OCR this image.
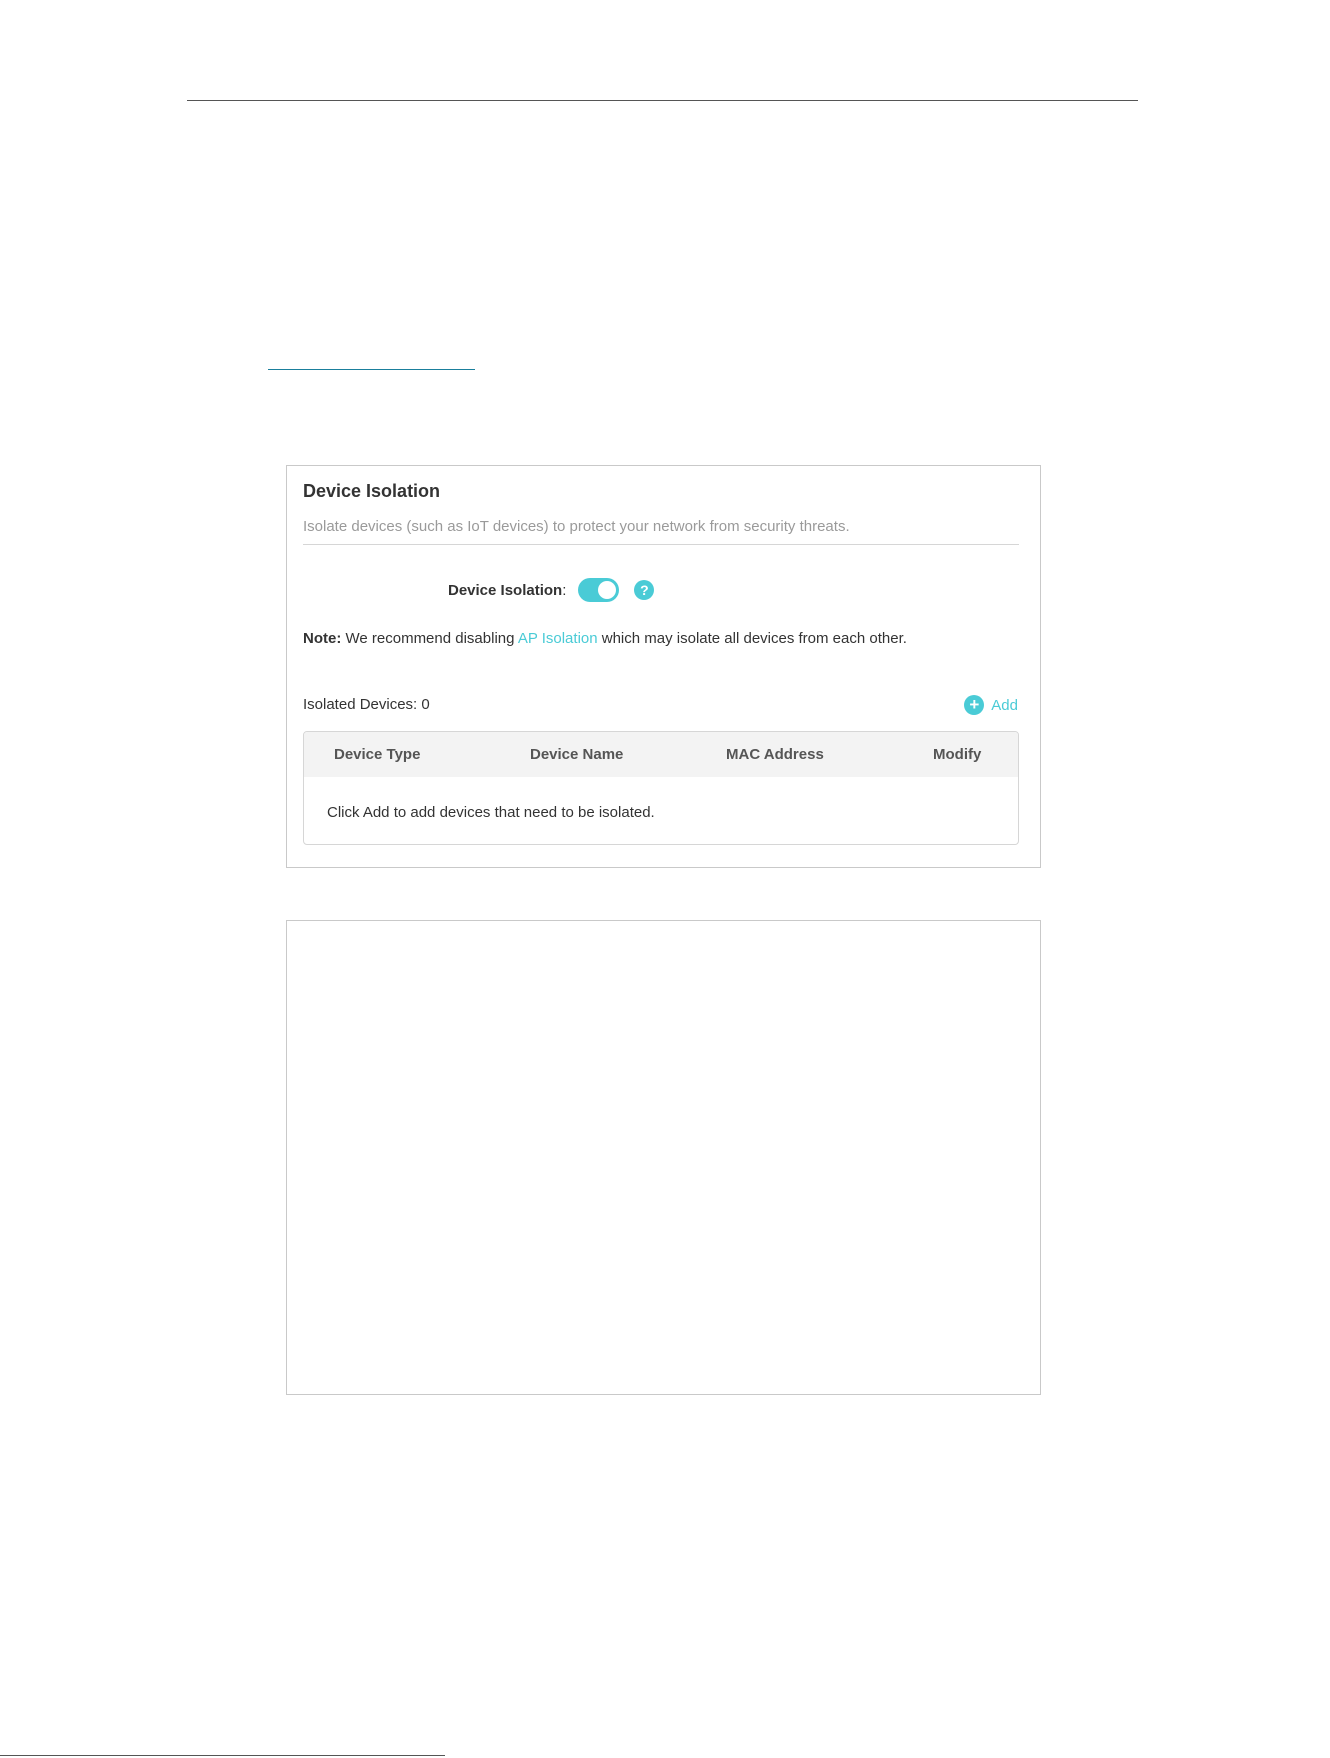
Device Isolation
Isolate devices (such as IoT devices) to protect your network from security threats.
Device Isolation :	?
Note: We recommend disabling AP Isolation which may isolate all devices from each other.
Isolated Devices: 0	+ Add
Device Type	Device Name	MAC Address	Modify
Click Add to add devices that need to be isolated.
